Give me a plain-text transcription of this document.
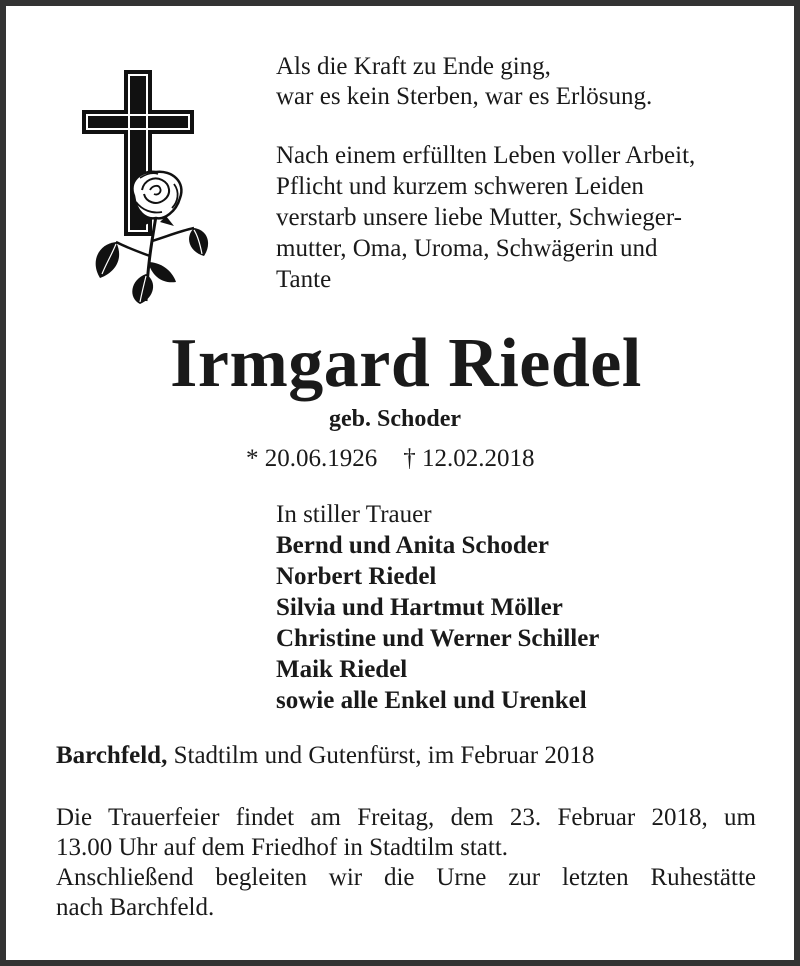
Als die Kraft zu Ende ging,
war es kein Sterben, war es Erlösung.
Nach einem erfüllten Leben voller Arbeit,
Pflicht und kurzem schweren Leiden
verstarb unsere liebe Mutter, Schwieger-
mutter, Oma, Uroma, Schwägerin und
Tante
Irmgard Riedel
geb. Schoder
* 20.06.1926 † 12.02.2018
In stiller Trauer
Bernd und Anita Schoder
Norbert Riedel
Silvia und Hartmut Möller
Christine und Werner Schiller
Maik Riedel
sowie alle Enkel und Urenkel
Barchfeld, Stadtilm und Gutenfürst, im Februar 2018
Die Trauerfeier findet am Freitag, dem 23. Februar 2018, um
13.00 Uhr auf dem Friedhof in Stadtilm statt.
Anschließend begleiten wir die Urne zur letzten Ruhestätte
nach Barchfeld.
